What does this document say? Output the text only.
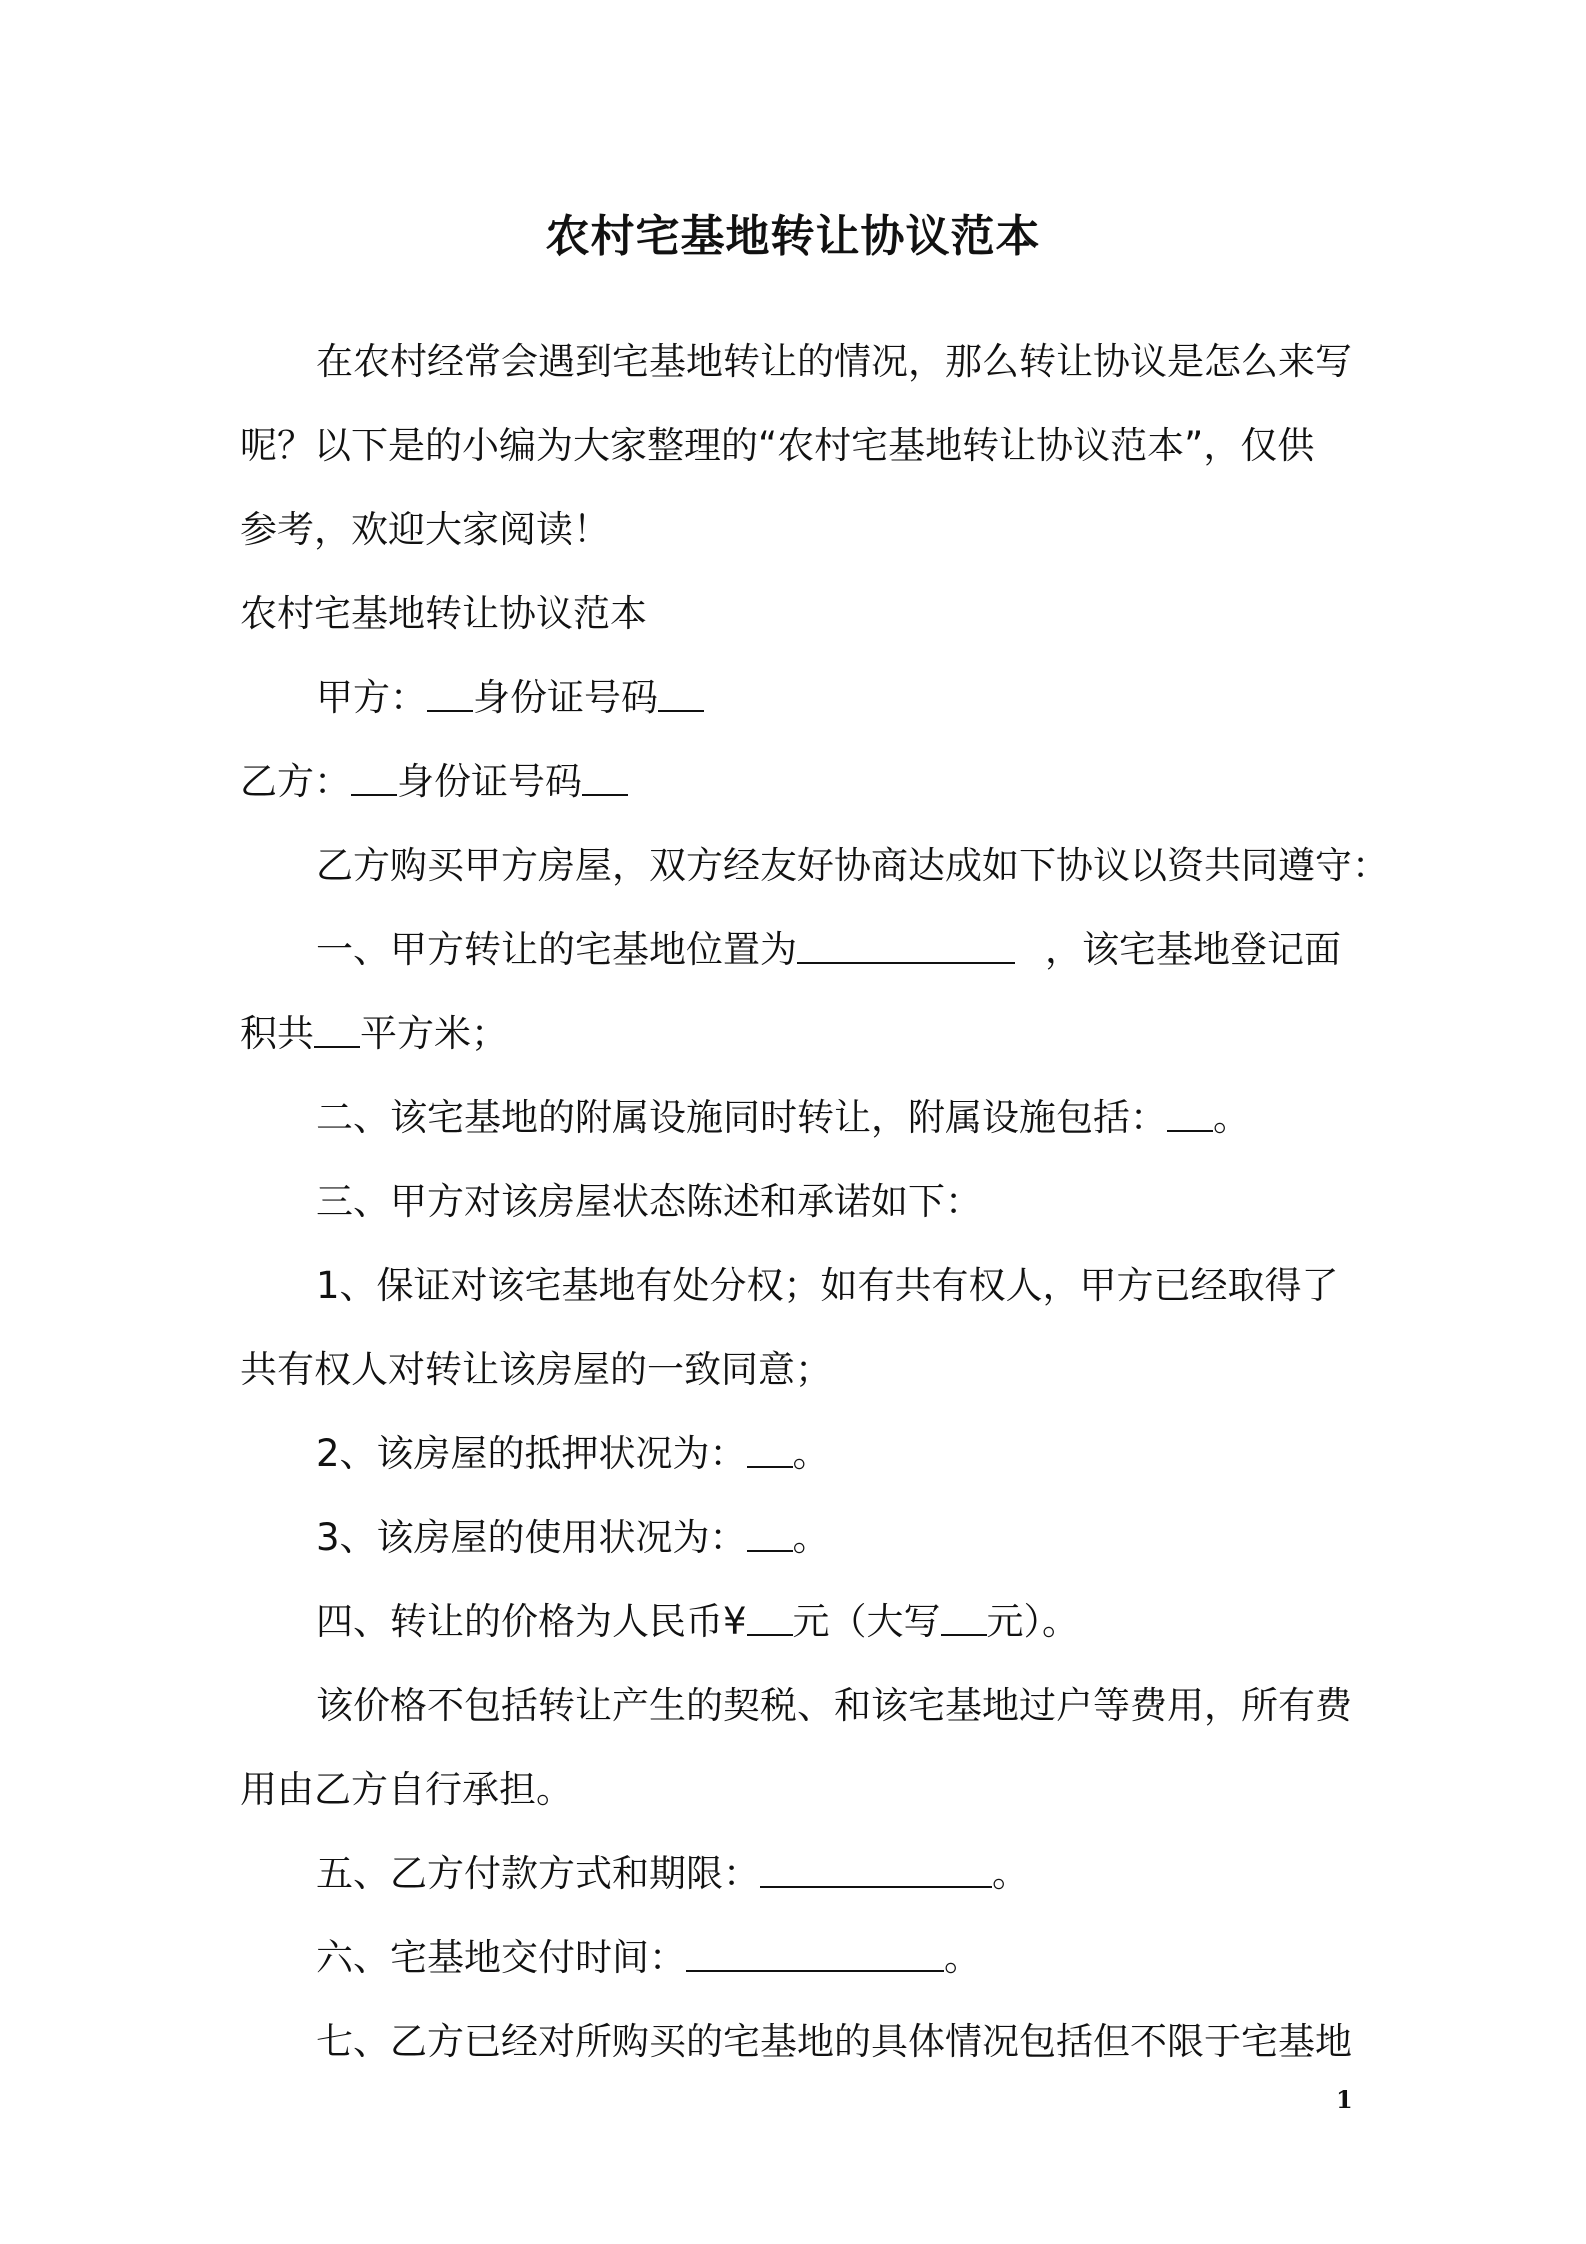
农村宅基地转让协议范本
在农村经常会遇到宅基地转让的情况，那么转让协议是怎么来写
呢？以下是的小编为大家整理的“农村宅基地转让协议范本”，仅供
参考，欢迎大家阅读！
农村宅基地转让协议范本
甲方： 身份证号码
乙方： 身份证号码
乙方购买甲方房屋，双方经友好协商达成如下协议以资共同遵守：
一、甲方转让的宅基地位置为	，该宅基地登记面
积共 平方米；
二、该宅基地的附属设施同时转让，附属设施包括： 。
三、甲方对该房屋状态陈述和承诺如下：
1、保证对该宅基地有处分权；如有共有权人，甲方已经取得了
共有权人对转让该房屋的一致同意；
2、该房屋的抵押状况为： 。
3、该房屋的使用状况为： 。
四、转让的价格为人民币¥ 元（大写 元）。
该价格不包括转让产生的契税、和该宅基地过户等费用，所有费
用由乙方自行承担。
五、乙方付款方式和期限：	。
六、宅基地交付时间：	。
七、乙方已经对所购买的宅基地的具体情况包括但不限于宅基地
1
